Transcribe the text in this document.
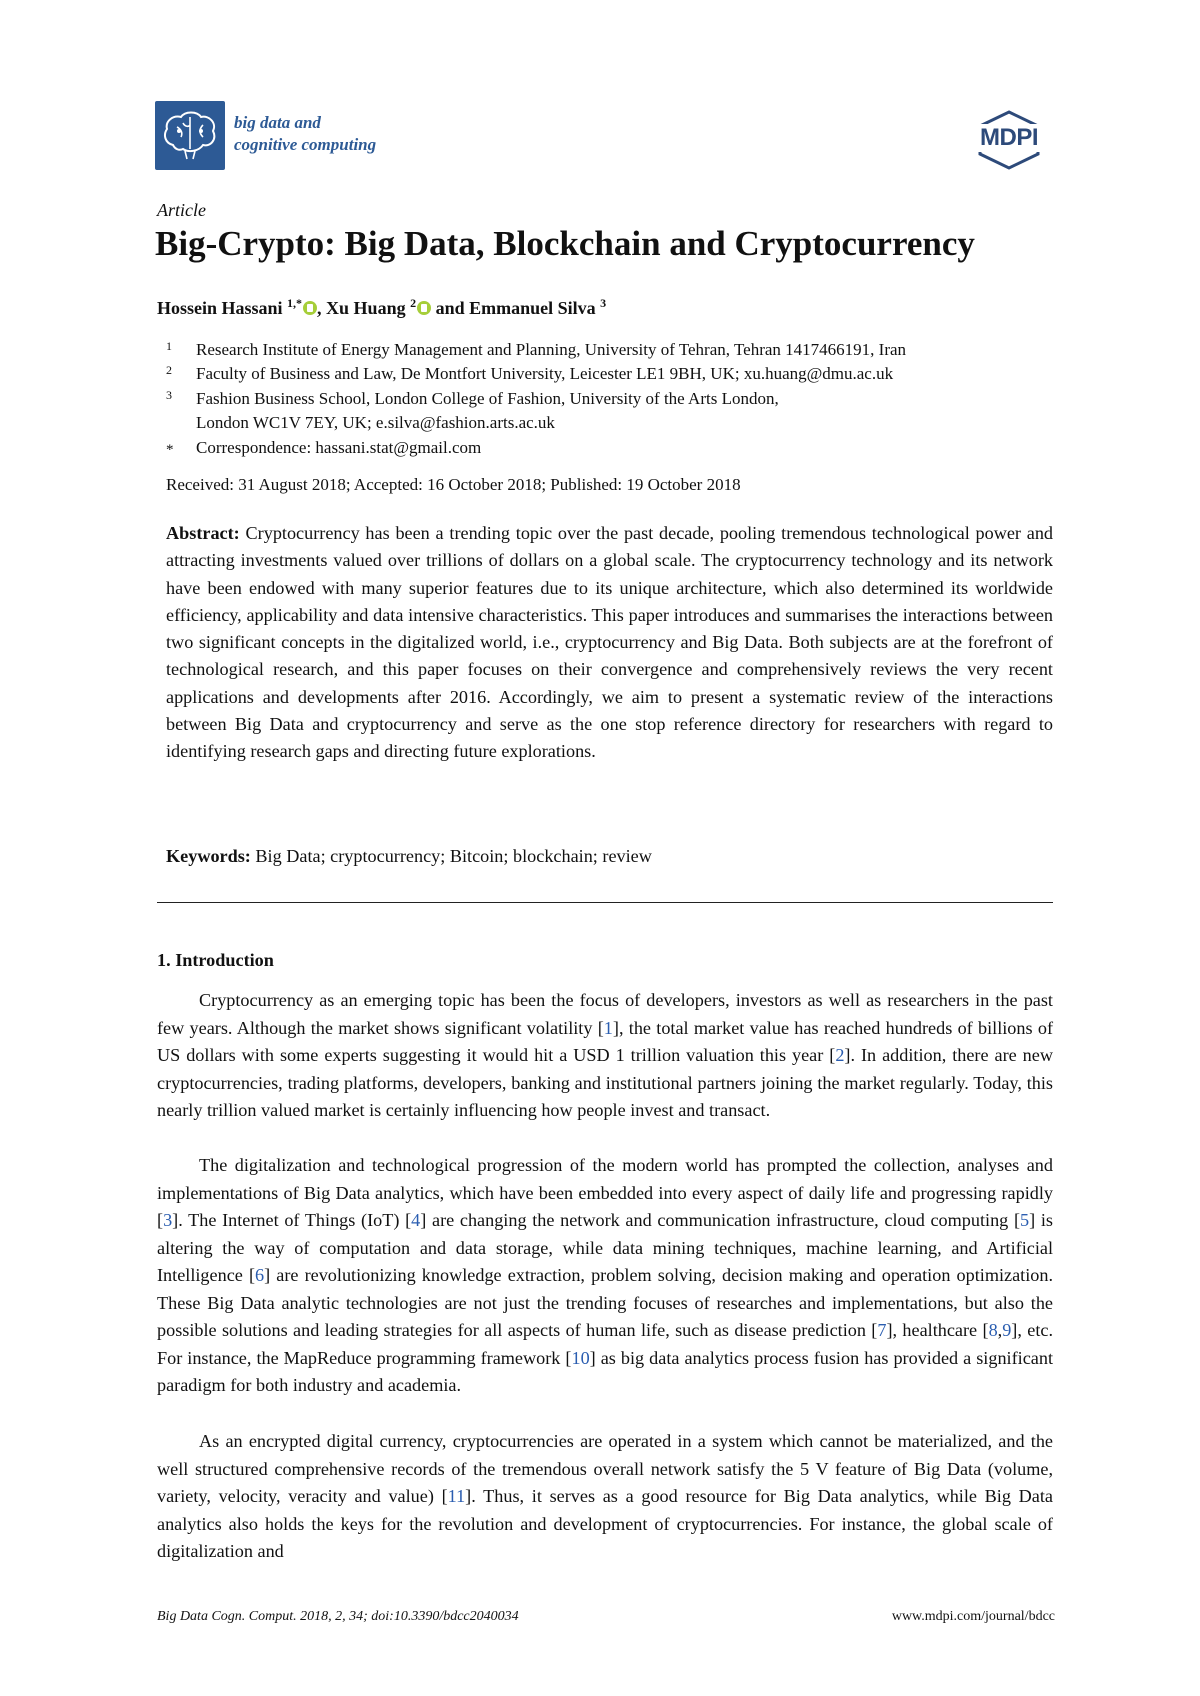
big data and
cognitive computing	MDPI
Article
Big-Crypto: Big Data, Blockchain and Cryptocurrency
Hossein Hassani $^{1,*}$ , Xu Huang $^2$ and Emmanuel Silva $^3$
1	Research Institute of Energy Management and Planning, University of Tehran, Tehran 1417466191, Iran
2	Faculty of Business and Law, De Montfort University, Leicester LE1 9BH, UK; xu.huang@dmu.ac.uk
3	Fashion Business School, London College of Fashion, University of the Arts London,
London WC1V 7EY, UK; e.silva@fashion.arts.ac.uk
*	Correspondence: hassani.stat@gmail.com
Received: 31 August 2018; Accepted: 16 October 2018; Published: 19 October 2018
Abstract: Cryptocurrency has been a trending topic over the past decade, pooling tremendous technological power and attracting investments valued over trillions of dollars on a global scale. The cryptocurrency technology and its network have been endowed with many superior features due to its unique architecture, which also determined its worldwide efficiency, applicability and data intensive characteristics. This paper introduces and summarises the interactions between two significant concepts in the digitalized world, i.e., cryptocurrency and Big Data. Both subjects are at the forefront of technological research, and this paper focuses on their convergence and comprehensively reviews the very recent applications and developments after 2016. Accordingly, we aim to present a systematic review of the interactions between Big Data and cryptocurrency and serve as the one stop reference directory for researchers with regard to identifying research gaps and directing future explorations.
Keywords: Big Data; cryptocurrency; Bitcoin; blockchain; review
1. Introduction
Cryptocurrency as an emerging topic has been the focus of developers, investors as well as researchers in the past few years. Although the market shows significant volatility [1], the total market value has reached hundreds of billions of US dollars with some experts suggesting it would hit a USD 1 trillion valuation this year [2]. In addition, there are new cryptocurrencies, trading platforms, developers, banking and institutional partners joining the market regularly. Today, this nearly trillion valued market is certainly influencing how people invest and transact.
The digitalization and technological progression of the modern world has prompted the collection, analyses and implementations of Big Data analytics, which have been embedded into every aspect of daily life and progressing rapidly [3]. The Internet of Things (IoT) [4] are changing the network and communication infrastructure, cloud computing [5] is altering the way of computation and data storage, while data mining techniques, machine learning, and Artificial Intelligence [6] are revolutionizing knowledge extraction, problem solving, decision making and operation optimization. These Big Data analytic technologies are not just the trending focuses of researches and implementations, but also the possible solutions and leading strategies for all aspects of human life, such as disease prediction [7], healthcare [8,9], etc. For instance, the MapReduce programming framework [10] as big data analytics process fusion has provided a significant paradigm for both industry and academia.
As an encrypted digital currency, cryptocurrencies are operated in a system which cannot be materialized, and the well structured comprehensive records of the tremendous overall network satisfy the 5 V feature of Big Data (volume, variety, velocity, veracity and value) [11]. Thus, it serves as a good resource for Big Data analytics, while Big Data analytics also holds the keys for the revolution and development of cryptocurrencies. For instance, the global scale of digitalization and
Big Data Cogn. Comput. 2018, 2, 34; doi:10.3390/bdcc2040034	www.mdpi.com/journal/bdcc
